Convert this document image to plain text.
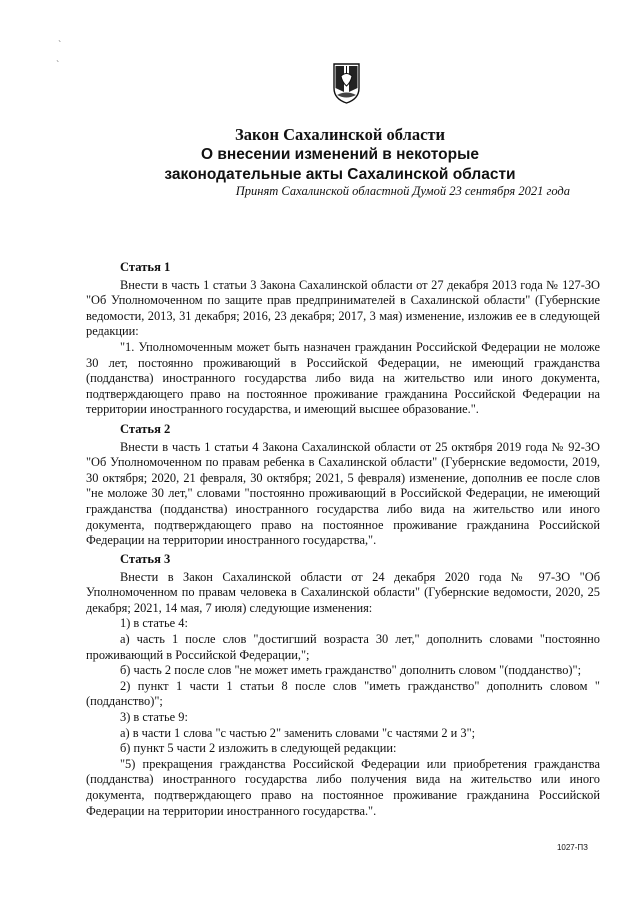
Закон Сахалинской области

О внесении изменений в некоторые

законодательные акты Сахалинской области

Принят Сахалинской областной Думой 23 сентября 2021 года

Статья 1

Внести в часть 1 статьи 3 Закона Сахалинской области от 27 декабря 2013 года № 127-ЗО "Об Уполномоченном по защите прав предпринимателей в Сахалинской области" (Губернские ведомости, 2013, 31 декабря; 2016, 23 декабря; 2017, 3 мая) изменение, изложив ее в следующей редакции:

"1. Уполномоченным может быть назначен гражданин Российской Федерации не моложе 30 лет, постоянно проживающий в Российской Федерации, не имеющий гражданства (подданства) иностранного государства либо вида на жительство или иного документа, подтверждающего право на постоянное проживание гражданина Российской Федерации на территории иностранного государства, и имеющий высшее образование.".

Статья 2

Внести в часть 1 статьи 4 Закона Сахалинской области от 25 октября 2019 года № 92-ЗО "Об Уполномоченном по правам ребенка в Сахалинской области" (Губернские ведомости, 2019, 30 октября; 2020, 21 февраля, 30 октября; 2021, 5 февраля) изменение, дополнив ее после слов "не моложе 30 лет," словами "постоянно проживающий в Российской Федерации, не имеющий гражданства (подданства) иностранного государства либо вида на жительство или иного документа, подтверждающего право на постоянное проживание гражданина Российской Федерации на территории иностранного государства,".

Статья 3

Внести в Закон Сахалинской области от 24 декабря 2020 года № 97-ЗО "Об Уполномоченном по правам человека в Сахалинской области" (Губернские ведомости, 2020, 25 декабря; 2021, 14 мая, 7 июля) следующие изменения:

1) в статье 4:

а) часть 1 после слов "достигший возраста 30 лет," дополнить словами "постоянно проживающий в Российской Федерации,";

б) часть 2 после слов "не может иметь гражданство" дополнить словом "(подданство)";

2) пункт 1 части 1 статьи 8 после слов "иметь гражданство" дополнить словом "(подданство)";

3) в статье 9:

а) в части 1 слова "с частью 2" заменить словами "с частями 2 и 3";

б) пункт 5 части 2 изложить в следующей редакции:

"5) прекращения гражданства Российской Федерации или приобретения гражданства (подданства) иностранного государства либо получения вида на жительство или иного документа, подтверждающего право на постоянное проживание гражданина Российской Федерации на территории иностранного государства.".

1027-ПЗ
ˋ
ˋ
